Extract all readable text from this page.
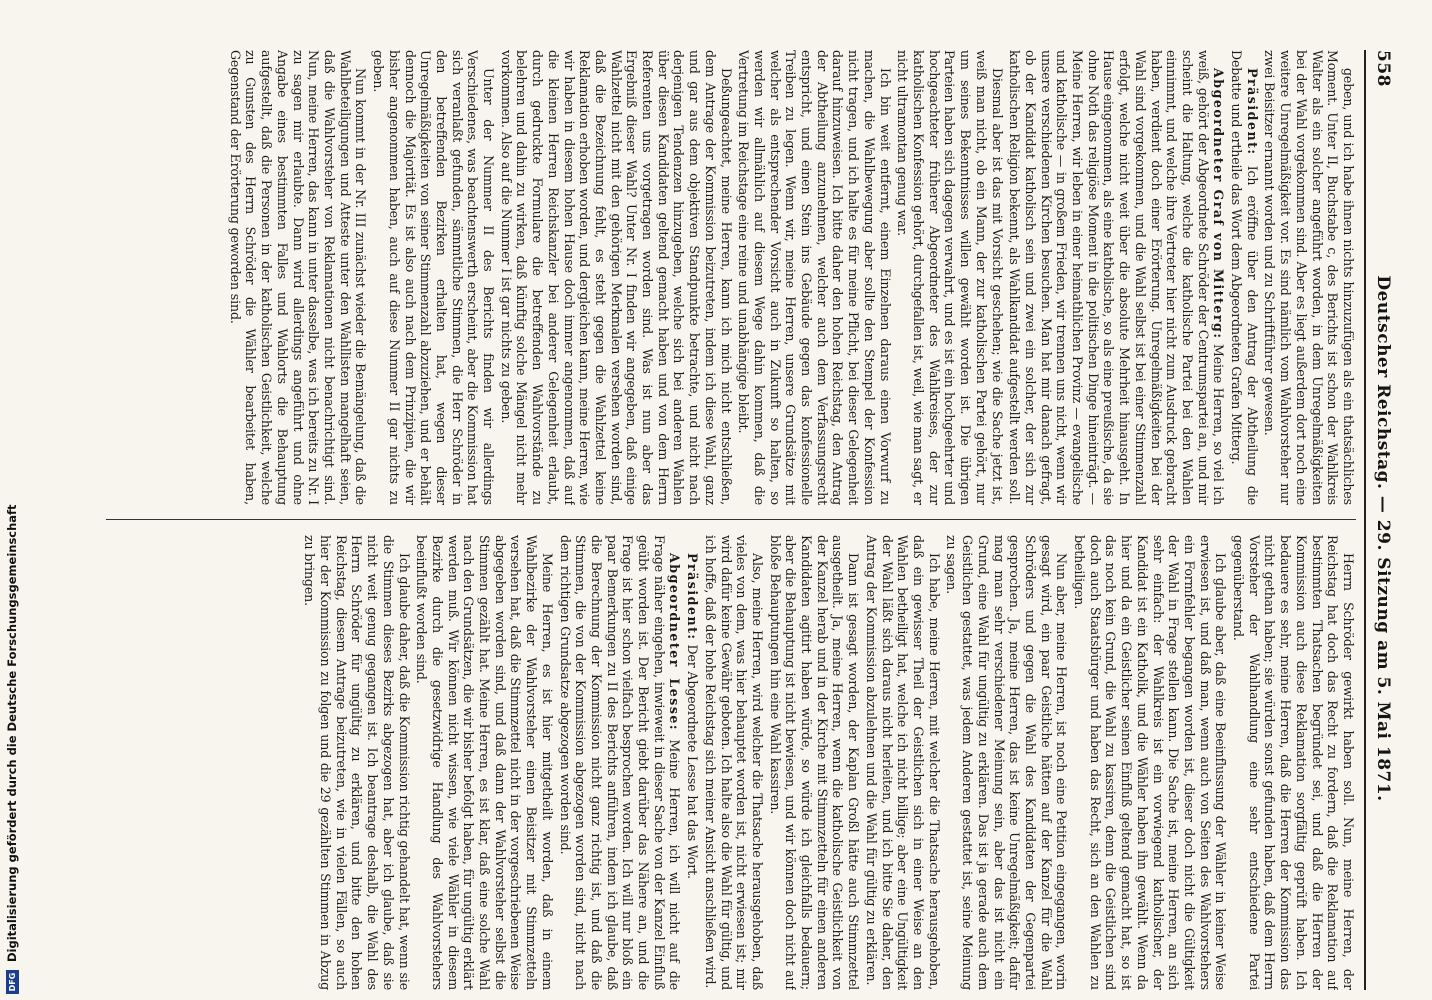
558
Deutscher Reichstag. — 29. Sitzung am 5. Mai 1871.

geben, und ich habe ihnen nichts hinzuzufügen als ein thatsächliches Moment. Unter II, Buchstabe c, des Berichts ist schon der Wahlkreis Walter als ein solcher angeführt worden, in dem Unregelmäßigkeiten bei der Wahl vorgekommen sind. Aber es liegt außerdem dort noch eine weitere Unregelmäßigkeit vor. Es sind nämlich vom Wahlvorsteher nur zwei Beisitzer ernannt worden und zu Schriftführer gewesen.

Präsident: Ich eröffne über den Antrag der Abtheilung die Debatte und ertheile das Wort dem Abgeordneten Grafen Mitterg.

Abgeordneter Graf von Mitterg: Meine Herren, so viel ich weiß, gehört der Abgeordnete Schröder der Centrumspartei an, und mir scheint die Haltung, welche die katholische Partei bei den Wahlen einnimmt, und welche ihre Vertreter hier nicht zum Ausdruck gebracht haben, verdient doch einer Erörterung. Unregelmäßigkeiten bei der Wahl sind vorgekommen, und die Wahl selbst ist bei einer Stimmenzahl erfolgt, welche nicht weit über die absolute Mehrheit hinausgeht. In Hause eingenommen, als eine katholische, so als eine preußische, da sie ohne Noth das religiöse Moment in die politischen Dinge hineinträgt. — Meine Herren, wir leben in einer heimathlichen Provinz — evangelische und katholische — in großem Frieden, wir trennen uns nicht, wenn wir unsere verschiedenen Kirchen besuchen. Man hat mir danach gefragt, ob der Kandidat katholisch sein und zwei ein solcher, der sich zur katholischen Religion bekennt, als Wahlkandidat aufgestellt werden soll.

Diesmal aber ist das mit Vorsicht geschehen; wie die Sache jetzt ist, weiß man nicht, ob ein Mann, der zur katholischen Partei gehört, nur um seines Bekenntnisses willen gewählt worden ist. Die übrigen Parteien haben sich dagegen verwahrt, und es ist ein hochgeehrter und hochgeachteter früherer Abgeordneter des Wahlkreises, der zur katholischen Konfession gehört, durchgefallen ist, weil, wie man sagt, er nicht ultramontan genug war.

Ich bin weit entfernt, einem Einzelnen daraus einen Vorwurf zu machen, die Wahlbewegung aber sollte den Stempel der Konfession nicht tragen, und ich halte es für meine Pflicht, bei dieser Gelegenheit darauf hinzuweisen. Ich bitte daher den hohen Reichstag, den Antrag der Abtheilung anzunehmen, welcher auch dem Verfassungsrecht entspricht, und einen Stein ins Gebäude gegen das konfessionelle Treiben zu legen. Wenn wir, meine Herren, unsere Grundsätze mit welcher als entsprechender Vorsicht auch in Zukunft so halten, so werden wir allmählich auf diesem Wege dahin kommen, daß die Vertretung im Reichstage eine reine und unabhängige bleibt.

Deßungeachtet, meine Herren, kann ich mich nicht entschließen, dem Antrage der Kommission beizutreten, indem ich diese Wahl, ganz und gar aus dem objektiven Standpunkte betrachte, und nicht nach derjenigen Tendenzen hinzugeben, welche sich bei anderen Wahlen über diesen Kandidaten geltend gemacht haben und von dem Herrn Referenten uns vorgetragen worden sind. Was ist nun aber das Ergebniß dieser Wahl? Unter Nr. I finden wir angegeben, daß einige Wahlzettel nicht mit den gehörigen Merkmalen versehen worden sind, daß die Bezeichnung fehlt, es steht gegen die Wahlzettel keine Reklamation erhoben worden, und dergleichen kann, meine Herren, wie wir haben in diesem hohen Hause doch immer angenommen, daß auf die kleinen Herren Reichskanzler bei anderer Gelegenheit erlaubt, durch gedruckte Formulare die betreffenden Wahlvorstände zu belehren und dahin zu wirken, daß künftig solche Mängel nicht mehr vorkommen. Also auf die Nummer I ist gar nichts zu geben.

Unter der Nummer II des Berichts finden wir allerdings Verschiedenes, was beachtenswerth erscheint, aber die Kommission hat sich veranlaßt gefunden, sämmtliche Stimmen, die Herr Schröder in den betreffenden Bezirken erhalten hat, wegen dieser Unregelmäßigkeiten von seiner Stimmenzahl abzuziehen, und er behält dennoch die Majorität. Es ist also auch nach dem Prinzipien, die wir bisher angenommen haben, auch auf diese Nummer II gar nichts zu geben.

Nun kommt in der Nr. III zunächst wieder die Bemängelung, daß die Wahlbeteiligungen und Atteste unter den Wahllisten mangelhaft seien, daß die Wahlvorsteher von Reklamationen nicht benachrichtigt sind. Nun, meine Herren, das kann in unter dasselbe, was ich bereits zu Nr. I zu sagen mir erlaubte. Dann wird allerdings angeführt und ohne Angabe eines bestimmten Falles und Wahlorts die Behauptung aufgestellt, daß die Personen in der katholischen Geistlichkeit, welche zu Gunsten des Herrn Schröder die Wähler bearbeitet haben, Gegenstand der Erörterung geworden sind.

Herrn Schröder gewirkt haben soll. Nun, meine Herren, der Reichstag hat doch das Recht zu fordern, daß die Reklamation auf bestimmten Thatsachen begründet sei, und daß die Herren der Kommission auch diese Reklamation sorgfältig geprüft haben. Ich bedauere es sehr, meine Herren, daß die Herren der Kommission das nicht gethan haben; sie würden sonst gefunden haben, daß dem Herrn Vorsteher der Wahlhandlung eine sehr entschiedene Partei gegenüberstand.

Ich glaube aber, daß eine Beeinflussung der Wähler in keiner Weise erwiesen ist, und daß man, wenn auch von Seiten des Wahlvorstehers ein Formfehler begangen worden ist, dieser doch nicht die Gültigkeit der Wahl in Frage stellen kann. Die Sache ist, meine Herren, an sich sehr einfach: der Wahlkreis ist ein vorwiegend katholischer, der Kandidat ist ein Katholik, und die Wähler haben ihn gewählt. Wenn da hier und da ein Geistlicher seinen Einfluß geltend gemacht hat, so ist das noch kein Grund, die Wahl zu kassiren, denn die Geistlichen sind doch auch Staatsbürger und haben das Recht, sich an den Wahlen zu betheiligen.

Nun aber, meine Herren, ist noch eine Petition eingegangen, worin gesagt wird, ein paar Geistliche hätten auf der Kanzel für die Wahl Schröders und gegen die Wahl des Kandidaten der Gegenpartei gesprochen. Ja, meine Herren, das ist keine Unregelmäßigkeit; dafür mag man sehr verschiedener Meinung sein, aber das ist nicht ein Grund, eine Wahl für ungültig zu erklären. Das ist ja gerade auch dem Geistlichen gestattet, was jedem Anderen gestattet ist, seine Meinung zu sagen.

Ich habe, meine Herren, mit welcher die Thatsache herausgehoben, daß ein gewisser Theil der Geistlichen sich in einer Weise an den Wahlen betheiligt hat, welche ich nicht billige; aber eine Ungültigkeit der Wahl läßt sich daraus nicht herleiten, und ich bitte Sie daher, den Antrag der Kommission abzulehnen und die Wahl für gültig zu erklären.

Dann ist gesagt worden, der Kaplan Großl hätte auch Stimmzettel ausgetheilt. Ja, meine Herren, wenn die katholische Geistlichkeit von der Kanzel herab und in der Kirche mit Stimmzetteln für einen anderen Kandidaten agitirt haben würde, so würde ich gleichfalls bedauern; aber die Behauptung ist nicht bewiesen, und wir können doch nicht auf bloße Behauptungen hin eine Wahl kassiren.

Also, meine Herren, wird welcher die Thatsache herausgehoben, daß vieles von dem, was hier behauptet worden ist, nicht erwiesen ist; mir wird dafür keine Gewähr geboten. Ich halte also die Wahl für gültig, und ich hoffe, daß der hohe Reichstag sich meiner Ansicht anschließen wird.

Präsident: Der Abgeordnete Lesse hat das Wort.

Abgeordneter Lesse: Meine Herren, ich will nicht auf die Frage näher eingehen, inwieweit in dieser Sache von der Kanzel Einfluß geübt worden ist. Der Bericht giebt darüber das Nähere an, und die Frage ist hier schon vielfach besprochen worden. Ich will nur bloß ein paar Bemerkungen zu II des Berichts anführen, indem ich glaube, daß die Berechnung der Kommission nicht ganz richtig ist, und daß die Stimmen, die von der Kommission abgezogen worden sind, nicht nach dem richtigen Grundsatze abgezogen worden sind.

Meine Herren, es ist hier mitgetheilt worden, daß in einem Wahlbezirke der Wahlvorsteher einen Beisitzer mit Stimmzetteln versehen hat, daß die Stimmzettel nicht in der vorgeschriebenen Weise abgegeben worden sind, und daß dann der Wahlvorsteher selbst die Stimmen gezählt hat. Meine Herren, es ist klar, daß eine solche Wahl nach den Grundsätzen, die wir bisher befolgt haben, für ungültig erklärt werden muß. Wir können nicht wissen, wie viele Wähler in diesem Bezirke durch die gesetzwidrige Handlung des Wahlvorstehers beeinflußt worden sind.

Ich glaube daher, daß die Kommission richtig gehandelt hat, wenn sie die Stimmen dieses Bezirks abgezogen hat, aber ich glaube, daß sie nicht weit genug gegangen ist. Ich beantrage deshalb, die Wahl des Herrn Schröder für ungültig zu erklären, und bitte den hohen Reichstag, diesem Antrage beizutreten, wie in vielen Fällen, so auch hier der Kommission zu folgen und die 29 gezählten Stimmen in Abzug zu bringen.

DFG
Digitalisierung gefördert durch die Deutsche Forschungsgemeinschaft
